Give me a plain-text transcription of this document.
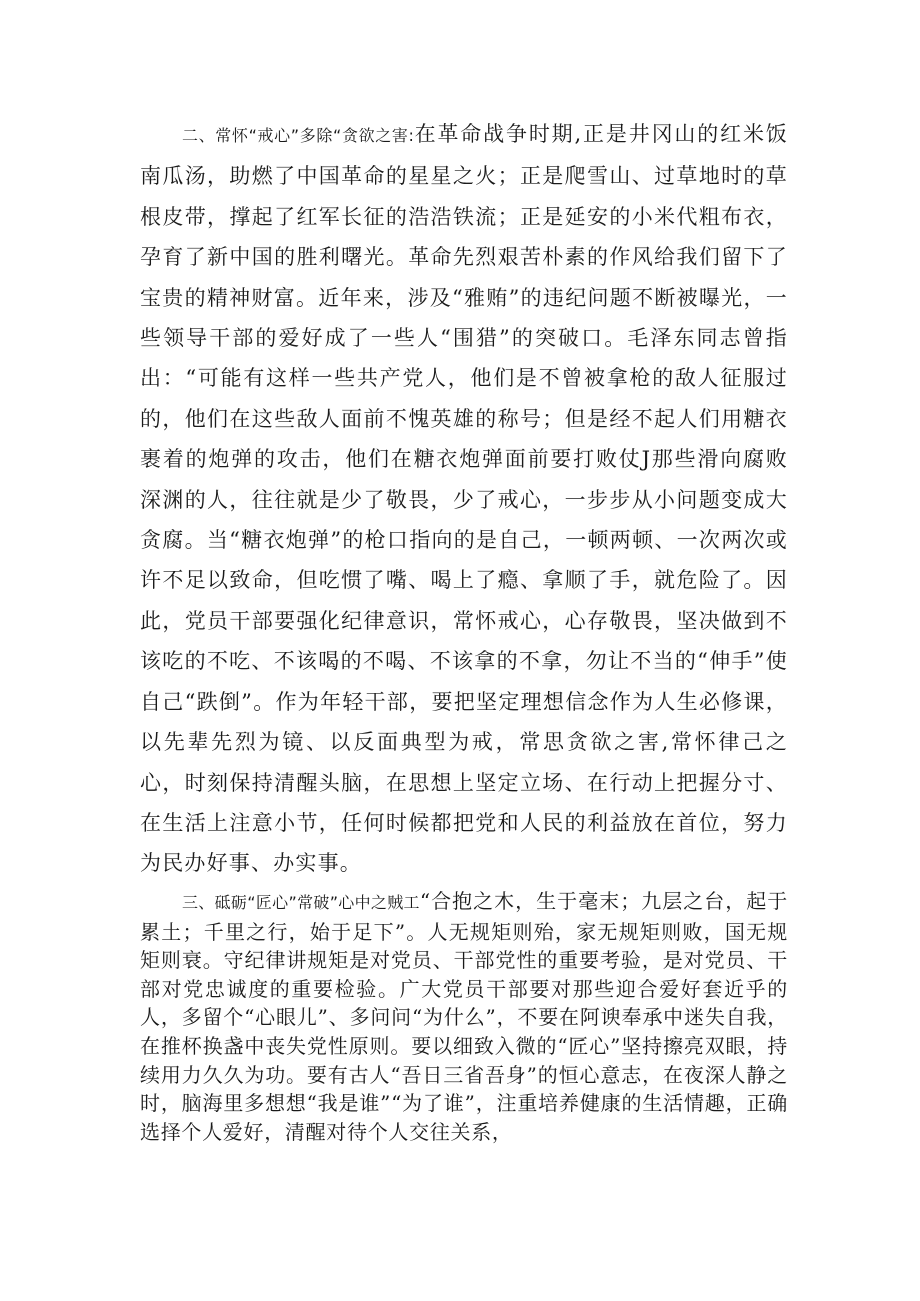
二、常怀“戒心”多除“贪欲之害:在革命战争时期,正是井冈山的红米饭南瓜汤，助燃了中国革命的星星之火；正是爬雪山、过草地时的草根皮带，撑起了红军长征的浩浩铁流；正是延安的小米代粗布衣，孕育了新中国的胜利曙光。革命先烈艰苦朴素的作风给我们留下了宝贵的精神财富。近年来，涉及“雅贿”的违纪问题不断被曝光，一些领导干部的爱好成了一些人“围猎”的突破口。毛泽东同志曾指出：“可能有这样一些共产党人，他们是不曾被拿枪的敌人征服过的，他们在这些敌人面前不愧英雄的称号；但是经不起人们用糖衣裹着的炮弹的攻击，他们在糖衣炮弹面前要打败仗J那些滑向腐败深渊的人，往往就是少了敬畏，少了戒心，一步步从小问题变成大贪腐。当“糖衣炮弹”的枪口指向的是自己，一顿两顿、一次两次或许不足以致命，但吃惯了嘴、喝上了瘾、拿顺了手，就危险了。因此，党员干部要强化纪律意识，常怀戒心，心存敬畏，坚决做到不该吃的不吃、不该喝的不喝、不该拿的不拿，勿让不当的“伸手”使自己“跌倒”。作为年轻干部，要把坚定理想信念作为人生必修课，以先辈先烈为镜、以反面典型为戒，常思贪欲之害,常怀律己之心，时刻保持清醒头脑，在思想上坚定立场、在行动上把握分寸、在生活上注意小节，任何时候都把党和人民的利益放在首位，努力为民办好事、办实事。

三、砥砺“匠心”常破”心中之贼工“合抱之木，生于毫末；九层之台，起于累土；千里之行，始于足下”。人无规矩则殆，家无规矩则败，国无规矩则衰。守纪律讲规矩是对党员、干部党性的重要考验，是对党员、干部对党忠诚度的重要检验。广大党员干部要对那些迎合爱好套近乎的人，多留个“心眼儿”、多问问“为什么”，不要在阿谀奉承中迷失自我，在推杯换盏中丧失党性原则。要以细致入微的“匠心”坚持擦亮双眼，持续用力久久为功。要有古人“吾日三省吾身”的恒心意志，在夜深人静之时，脑海里多想想“我是谁”“为了谁”，注重培养健康的生活情趣，正确选择个人爱好，清醒对待个人交往关系，
